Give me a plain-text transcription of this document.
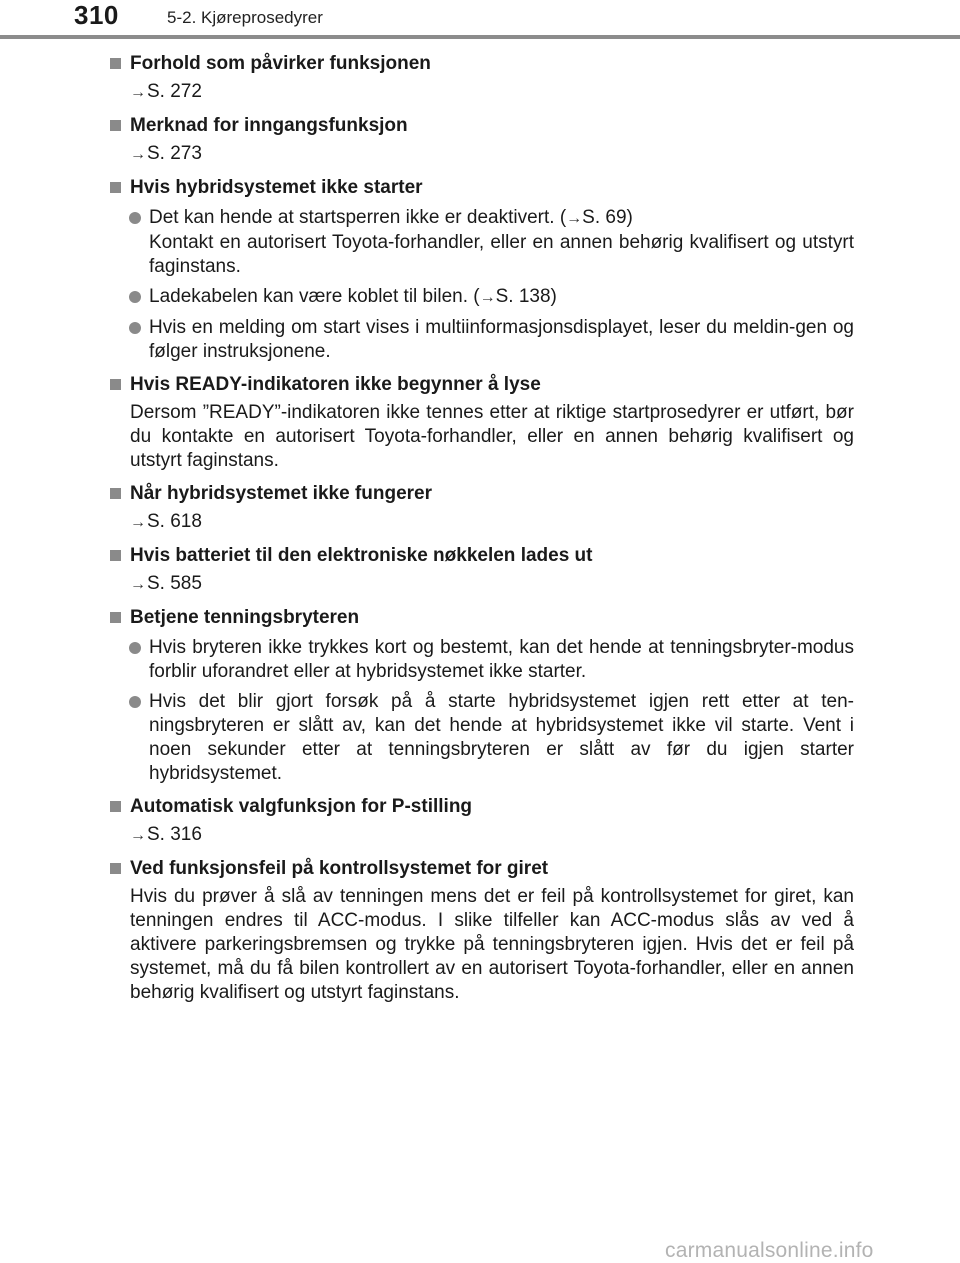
310	5-2. Kjøreprosedyrer
Forhold som påvirker funksjonen
→S. 272
Merknad for inngangsfunksjon
→S. 273
Hvis hybridsystemet ikke starter
Det kan hende at startsperren ikke er deaktivert. (→S. 69)
Kontakt en autorisert Toyota-forhandler, eller en annen behørig kvalifisert og utstyrt faginstans.
Ladekabelen kan være koblet til bilen. (→S. 138)
Hvis en melding om start vises i multiinformasjonsdisplayet, leser du meldin-gen og følger instruksjonene.
Hvis READY-indikatoren ikke begynner å lyse
Dersom ”READY”-indikatoren ikke tennes etter at riktige startprosedyrer er utført, bør du kontakte en autorisert Toyota-forhandler, eller en annen behørig kvalifisert og utstyrt faginstans.
Når hybridsystemet ikke fungerer
→S. 618
Hvis batteriet til den elektroniske nøkkelen lades ut
→S. 585
Betjene tenningsbryteren
Hvis bryteren ikke trykkes kort og bestemt, kan det hende at tenningsbryter-modus forblir uforandret eller at hybridsystemet ikke starter.
Hvis det blir gjort forsøk på å starte hybridsystemet igjen rett etter at ten-ningsbryteren er slått av, kan det hende at hybridsystemet ikke vil starte. Vent i noen sekunder etter at tenningsbryteren er slått av før du igjen starter hybridsystemet.
Automatisk valgfunksjon for P-stilling
→S. 316
Ved funksjonsfeil på kontrollsystemet for giret
Hvis du prøver å slå av tenningen mens det er feil på kontrollsystemet for giret, kan tenningen endres til ACC-modus. I slike tilfeller kan ACC-modus slås av ved å aktivere parkeringsbremsen og trykke på tenningsbryteren igjen. Hvis det er feil på systemet, må du få bilen kontrollert av en autorisert Toyota-forhandler, eller en annen behørig kvalifisert og utstyrt faginstans.
carmanualsonline.info
